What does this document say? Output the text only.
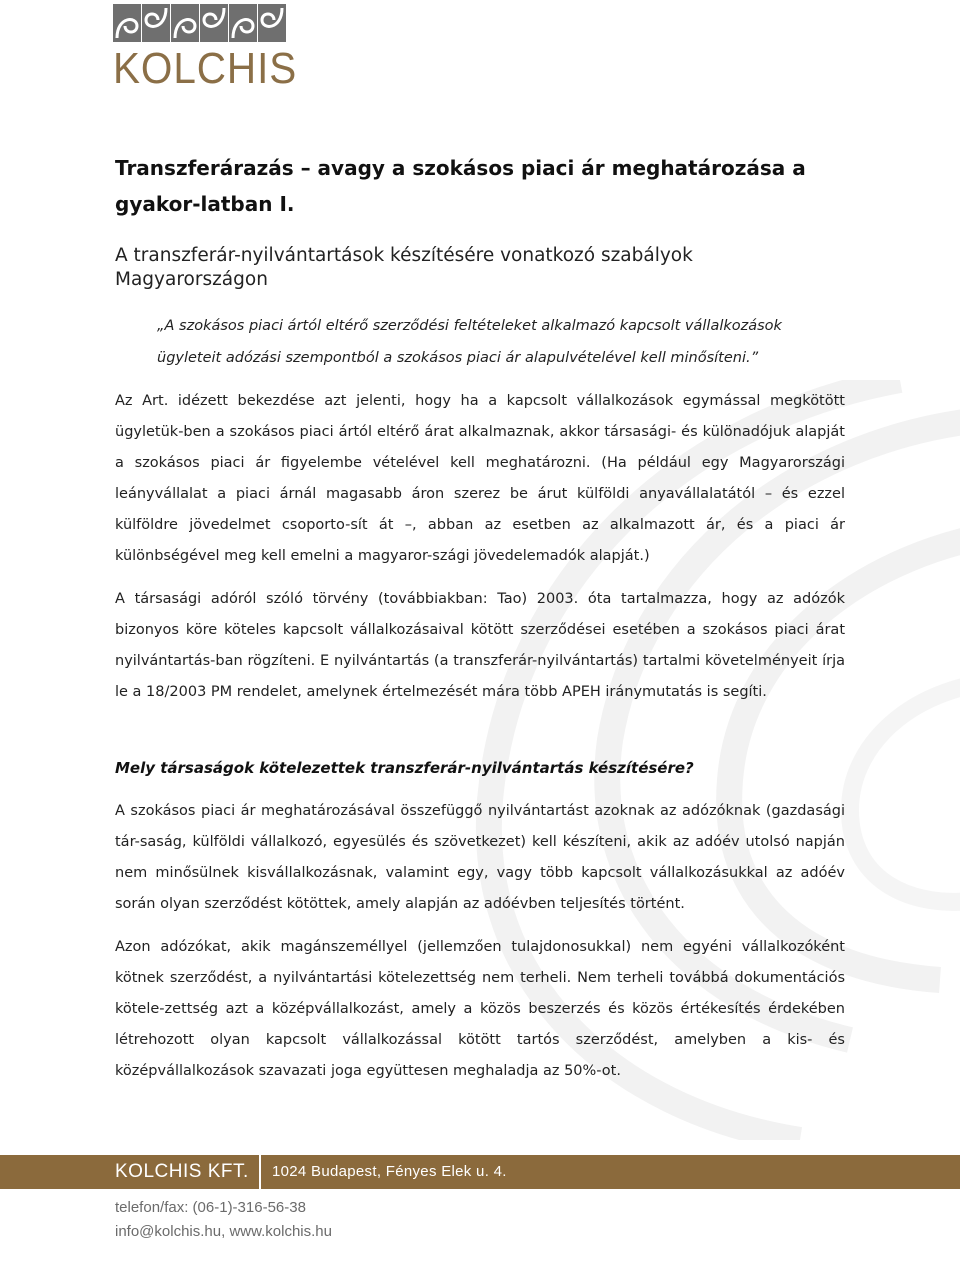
KOLCHIS
Transzferárazás – avagy a szokásos piaci ár meghatározása a gyakor-latban I.
A transzferár-nyilvántartások készítésére vonatkozó szabályok Magyarországon

„A szokásos piaci ártól eltérő szerződési feltételeket alkalmazó kapcsolt vállalkozások ügyleteit adózási szempontból a szokásos piaci ár alapulvételével kell minősíteni.”

Az Art. idézett bekezdése azt jelenti, hogy ha a kapcsolt vállalkozások egymással megkötött ügyletük-ben a szokásos piaci ártól eltérő árat alkalmaznak, akkor társasági- és különadójuk alapját a szokásos piaci ár figyelembe vételével kell meghatározni. (Ha például egy Magyarországi leányvállalat a piaci árnál magasabb áron szerez be árut külföldi anyavállalatától – és ezzel külföldre jövedelmet csoporto-sít át –, abban az esetben az alkalmazott ár, és a piaci ár különbségével meg kell emelni a magyaror-szági jövedelemadók alapját.)

A társasági adóról szóló törvény (továbbiakban: Tao) 2003. óta tartalmazza, hogy az adózók bizonyos köre köteles kapcsolt vállalkozásaival kötött szerződései esetében a szokásos piaci árat nyilvántartás-ban rögzíteni. E nyilvántartás (a transzferár-nyilvántartás) tartalmi követelményeit írja le a 18/2003 PM rendelet, amelynek értelmezését mára több APEH iránymutatás is segíti.

Mely társaságok kötelezettek transzferár-nyilvántartás készítésére?

A szokásos piaci ár meghatározásával összefüggő nyilvántartást azoknak az adózóknak (gazdasági tár-saság, külföldi vállalkozó, egyesülés és szövetkezet) kell készíteni, akik az adóév utolsó napján nem minősülnek kisvállalkozásnak, valamint egy, vagy több kapcsolt vállalkozásukkal az adóév során olyan szerződést kötöttek, amely alapján az adóévben teljesítés történt.

Azon adózókat, akik magánszeméllyel (jellemzően tulajdonosukkal) nem egyéni vállalkozóként kötnek szerződést, a nyilvántartási kötelezettség nem terheli. Nem terheli továbbá dokumentációs kötele-zettség azt a középvállalkozást, amely a közös beszerzés és közös értékesítés érdekében létrehozott olyan kapcsolt vállalkozással kötött tartós szerződést, amelyben a kis- és középvállalkozások szavazati joga együttesen meghaladja az 50%-ot.

KOLCHIS KFT. 1024 Budapest, Fényes Elek u. 4.
telefon/fax: (06-1)-316-56-38
info@kolchis.hu, www.kolchis.hu
